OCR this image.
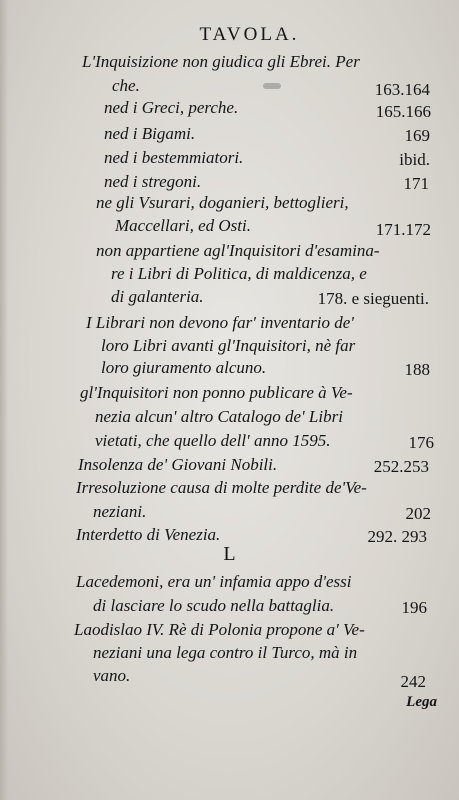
TAVOLA.
L'Inquisizione non giudica gli Ebrei. Per
che.	163.164
ned i Greci, perche.	165.166
ned i Bigami.	169
ned i bestemmiatori.	ibid.
ned i stregoni.	171
ne gli Vsurari, doganieri, bettoglieri,
Maccellari, ed Osti.	171.172
non appartiene agl'Inquisitori d'esamina-
re i Libri di Politica, di maldicenza, e
di galanteria.	178. e sieguenti.
I Librari non devono far' inventario de'
loro Libri avanti gl'Inquisitori, nè far
loro giuramento alcuno.	188
gl'Inquisitori non ponno publicare à Ve-
nezia alcun' altro Catalogo de' Libri
vietati, che quello dell' anno 1595.	176
Insolenza de' Giovani Nobili.	252.253
Irresoluzione causa di molte perdite de'Ve-
neziani.	202
Interdetto di Venezia.	292. 293
L
Lacedemoni, era un' infamia appo d'essi
di lasciare lo scudo nella battaglia.	196
Laodislao IV. Rè di Polonia propone a' Ve-
neziani una lega contro il Turco, mà in
vano.	242
Lega
